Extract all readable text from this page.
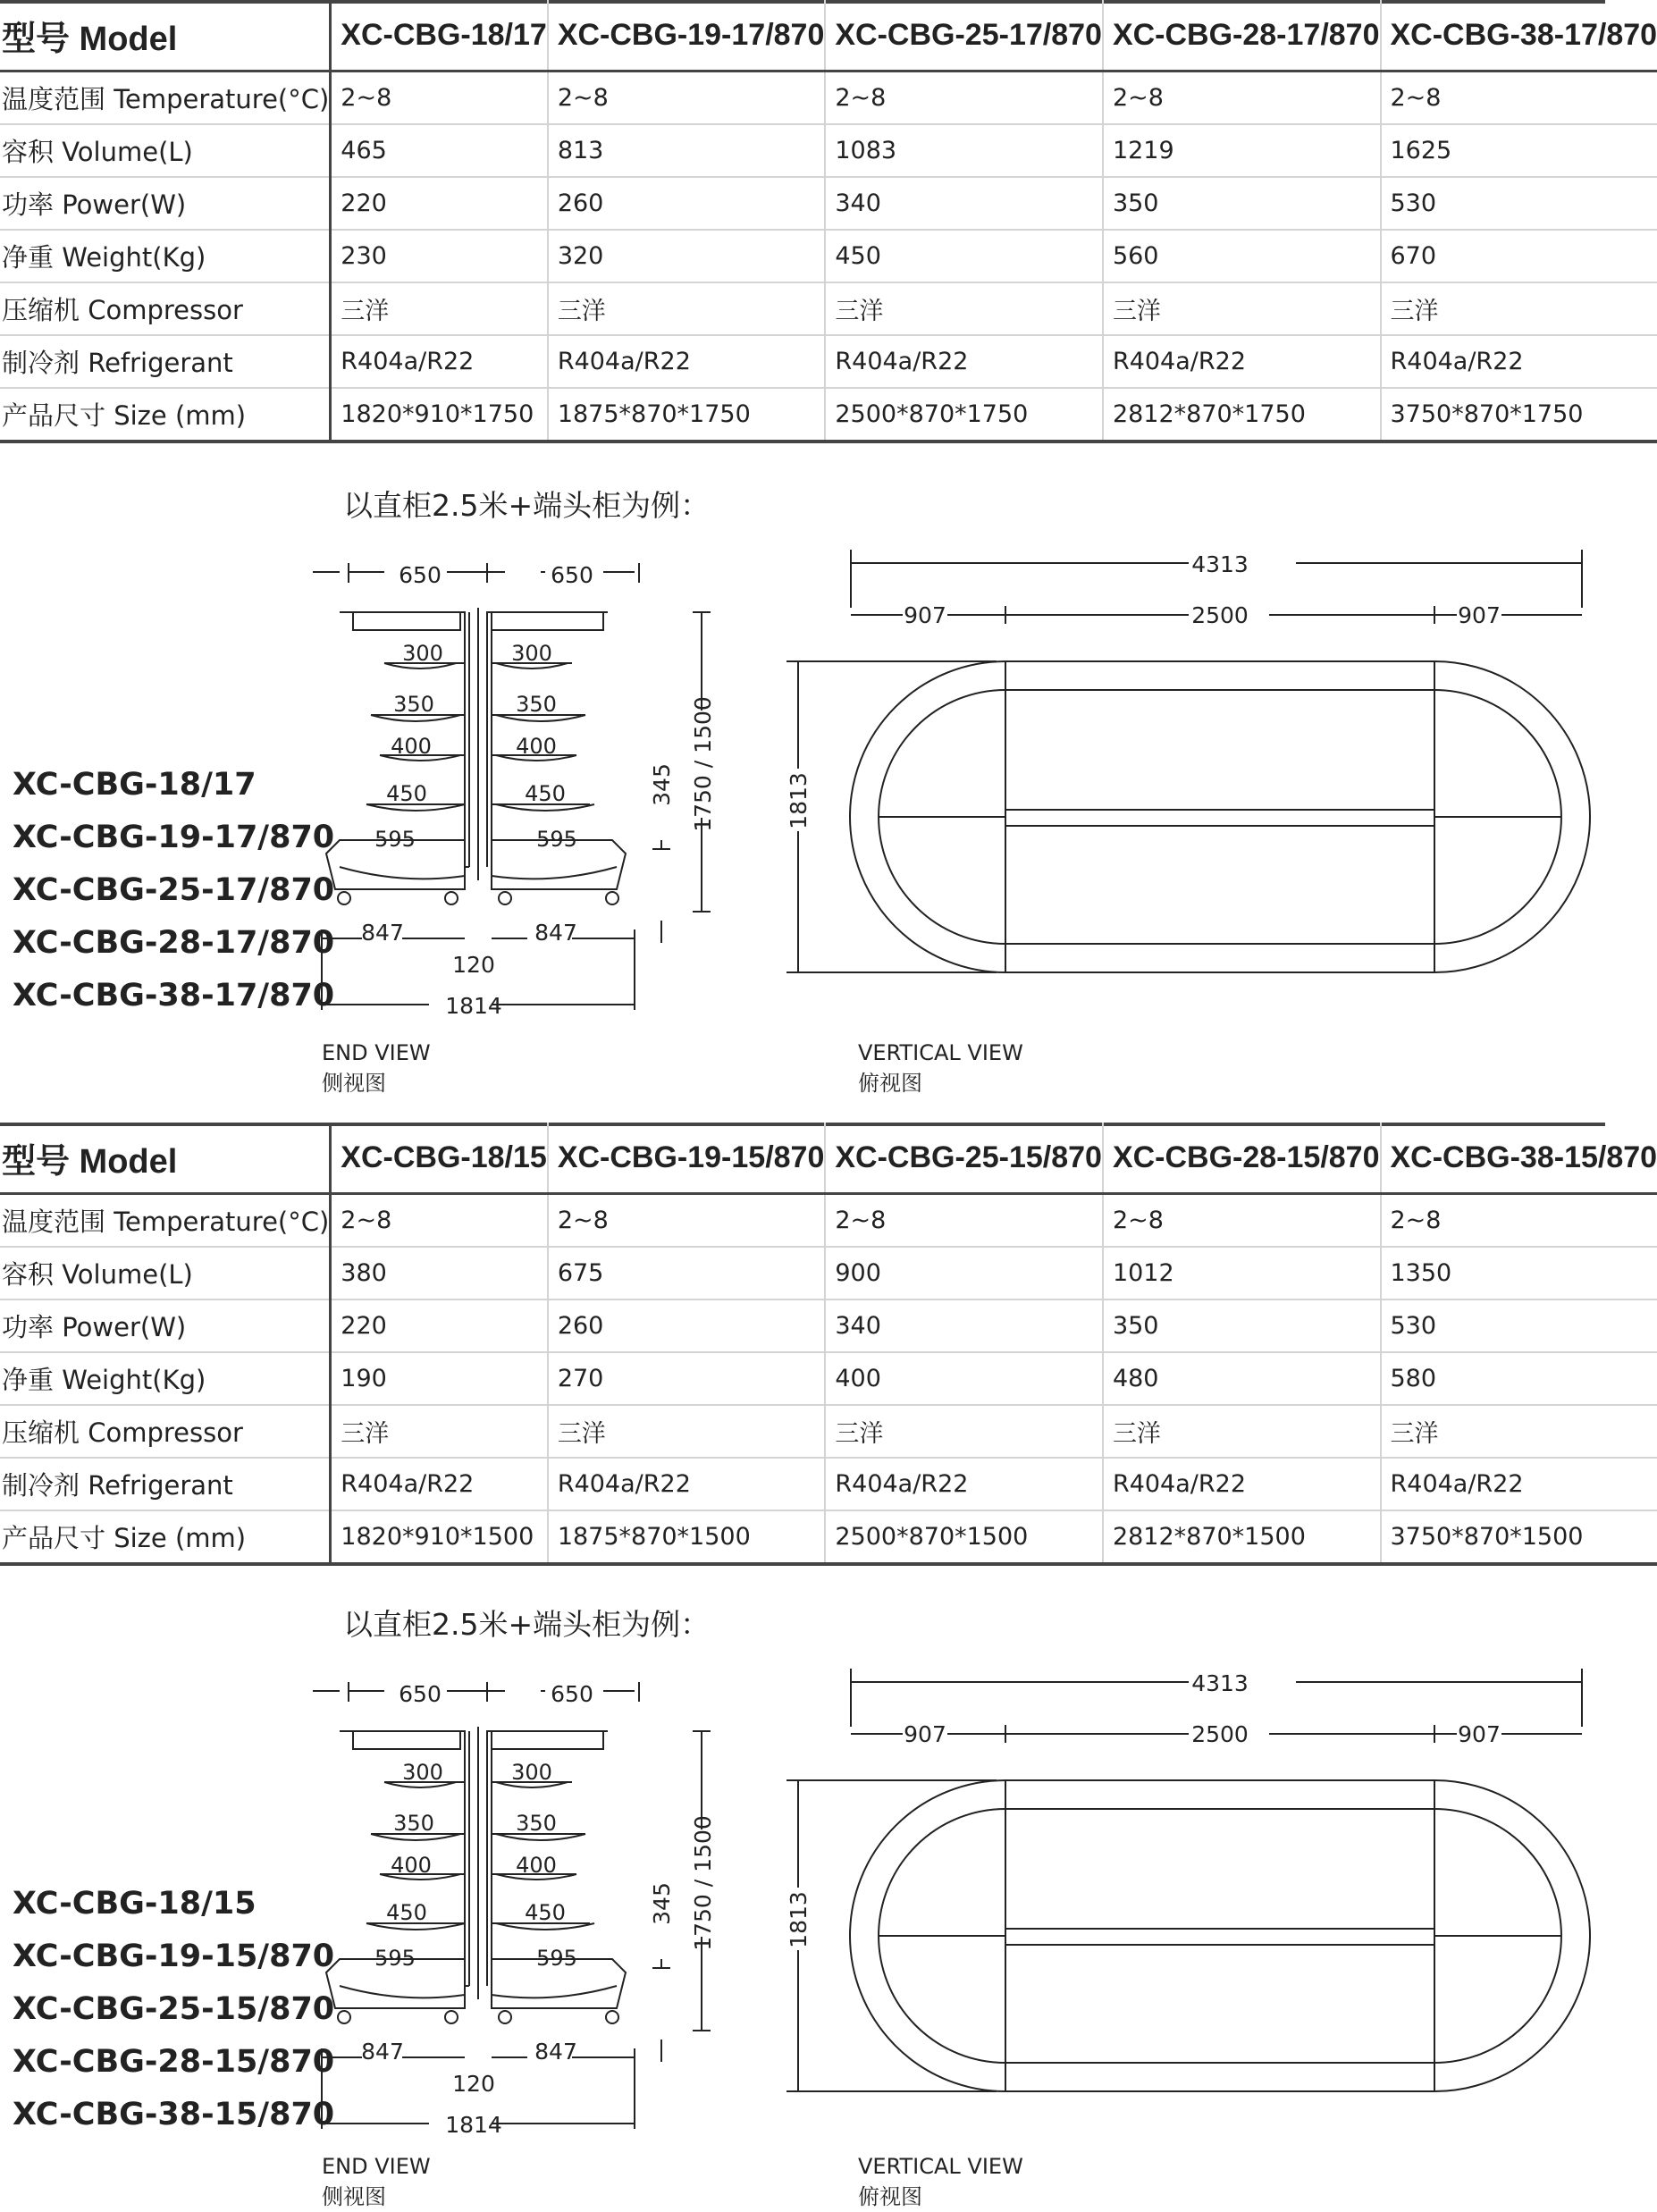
型号 Model	XC-CBG-18/17	XC-CBG-19-17/870	XC-CBG-25-17/870	XC-CBG-28-17/870	XC-CBG-38-17/870
温度范围 Temperature(°C)	2~8	2~8	2~8	2~8	2~8
容积 Volume(L)	465	813	1083	1219	1625
功率 Power(W)	220	260	340	350	530
净重 Weight(Kg)	230	320	450	560	670
压缩机 Compressor	三洋	三洋	三洋	三洋	三洋
制冷剂 Refrigerant	R404a/R22	R404a/R22	R404a/R22	R404a/R22	R404a/R22
产品尺寸 Size (mm)	1820*910*1750	1875*870*1750	2500*870*1750	2812*870*1750	3750*870*1750
以直柜2.5米+端头柜为例：
XC-CBG-18/17
XC-CBG-19-17/870
XC-CBG-25-17/870
XC-CBG-28-17/870
XC-CBG-38-17/870
650	650
300	300
350	350
400	400
450	450
595	595
847	847
120
1814
1750 / 1500
345
END VIEW
侧视图
4313
907	2500	907
1813
VERTICAL VIEW
俯视图
型号 Model	XC-CBG-18/15	XC-CBG-19-15/870	XC-CBG-25-15/870	XC-CBG-28-15/870	XC-CBG-38-15/870
温度范围 Temperature(°C)	2~8	2~8	2~8	2~8	2~8
容积 Volume(L)	380	675	900	1012	1350
功率 Power(W)	220	260	340	350	530
净重 Weight(Kg)	190	270	400	480	580
压缩机 Compressor	三洋	三洋	三洋	三洋	三洋
制冷剂 Refrigerant	R404a/R22	R404a/R22	R404a/R22	R404a/R22	R404a/R22
产品尺寸 Size (mm)	1820*910*1500	1875*870*1500	2500*870*1500	2812*870*1500	3750*870*1500
以直柜2.5米+端头柜为例：
XC-CBG-18/15
XC-CBG-19-15/870
XC-CBG-25-15/870
XC-CBG-28-15/870
XC-CBG-38-15/870
650	650
300	300
350	350
400	400
450	450
595	595
847	847
120
1814
1750 / 1500
345
END VIEW
侧视图
4313
907	2500	907
1813
VERTICAL VIEW
俯视图
